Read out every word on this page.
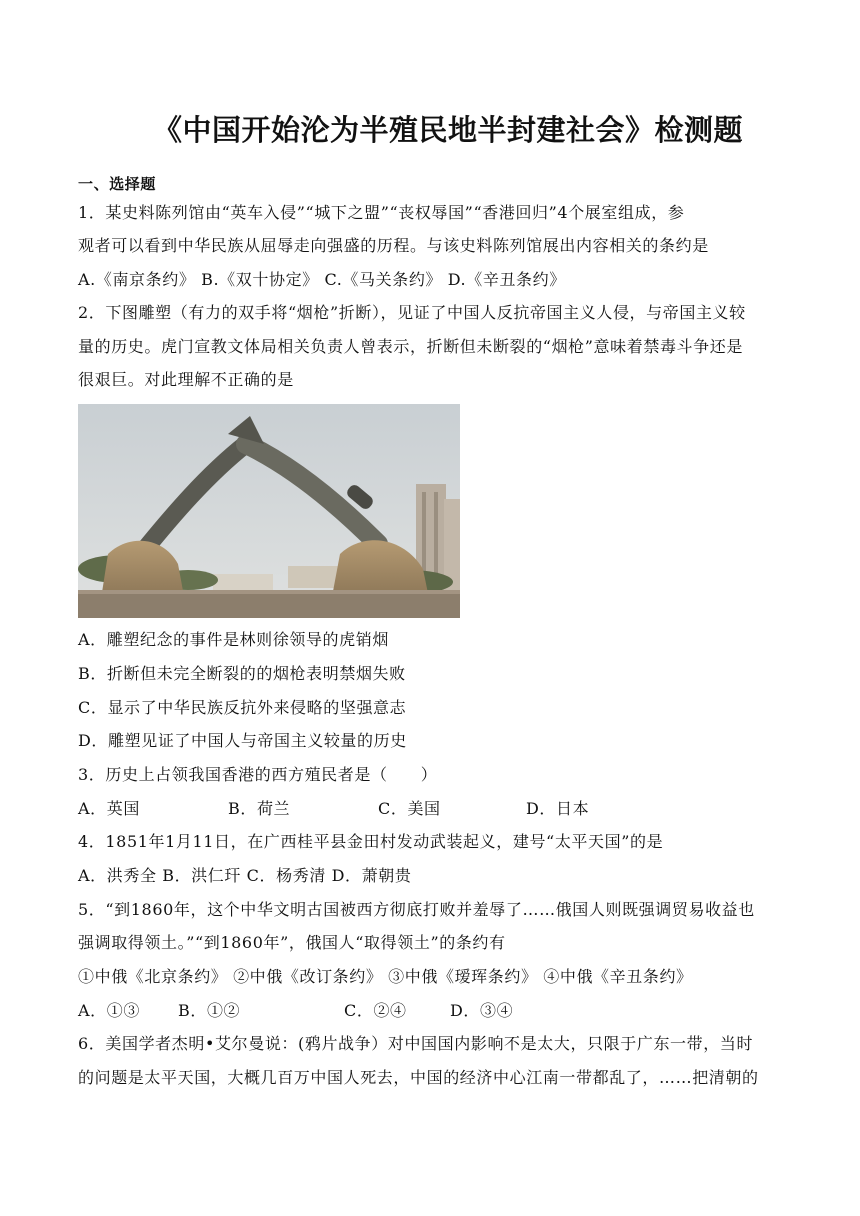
《中国开始沦为半殖民地半封建社会》检测题
一、选择题
1．某史料陈列馆由“英车入侵”“城下之盟”“丧权辱国”“香港回归”4个展室组成，参
观者可以看到中华民族从屈辱走向强盛的历程。与该史料陈列馆展出内容相关的条约是
A.《南京条约》 B.《双十协定》 C.《马关条约》 D.《辛丑条约》
2．下图雕塑（有力的双手将“烟枪”折断），见证了中国人反抗帝国主义人侵，与帝国主义较
量的历史。虎门宣教文体局相关负责人曾表示，折断但未断裂的“烟枪”意味着禁毒斗争还是
很艰巨。对此理解不正确的是
A．雕塑纪念的事件是林则徐领导的虎销烟
B．折断但未完全断裂的的烟枪表明禁烟失败
C．显示了中华民族反抗外来侵略的坚强意志
D．雕塑见证了中国人与帝国主义较量的历史
3．历史上占领我国香港的西方殖民者是（　　）
A．英国	B．荷兰	C．美国	D．日本
4．1851年1月11日，在广西桂平县金田村发动武装起义，建号“太平天国”的是
A．洪秀全 B．洪仁玕 C．杨秀清 D．萧朝贵
5．“到1860年，这个中华文明古国被西方彻底打败并羞辱了……俄国人则既强调贸易收益也
强调取得领土。”“到1860年”，俄国人“取得领土”的条约有
①中俄《北京条约》 ②中俄《改订条约》 ③中俄《瑷珲条约》 ④中俄《辛丑条约》
A．①③ B．①②	C．②④	D．③④
6．美国学者杰明•艾尔曼说：(鸦片战争）对中国国内影响不是太大，只限于广东一带，当时
的问题是太平天国，大概几百万中国人死去，中国的经济中心江南一带都乱了，……把清朝的
